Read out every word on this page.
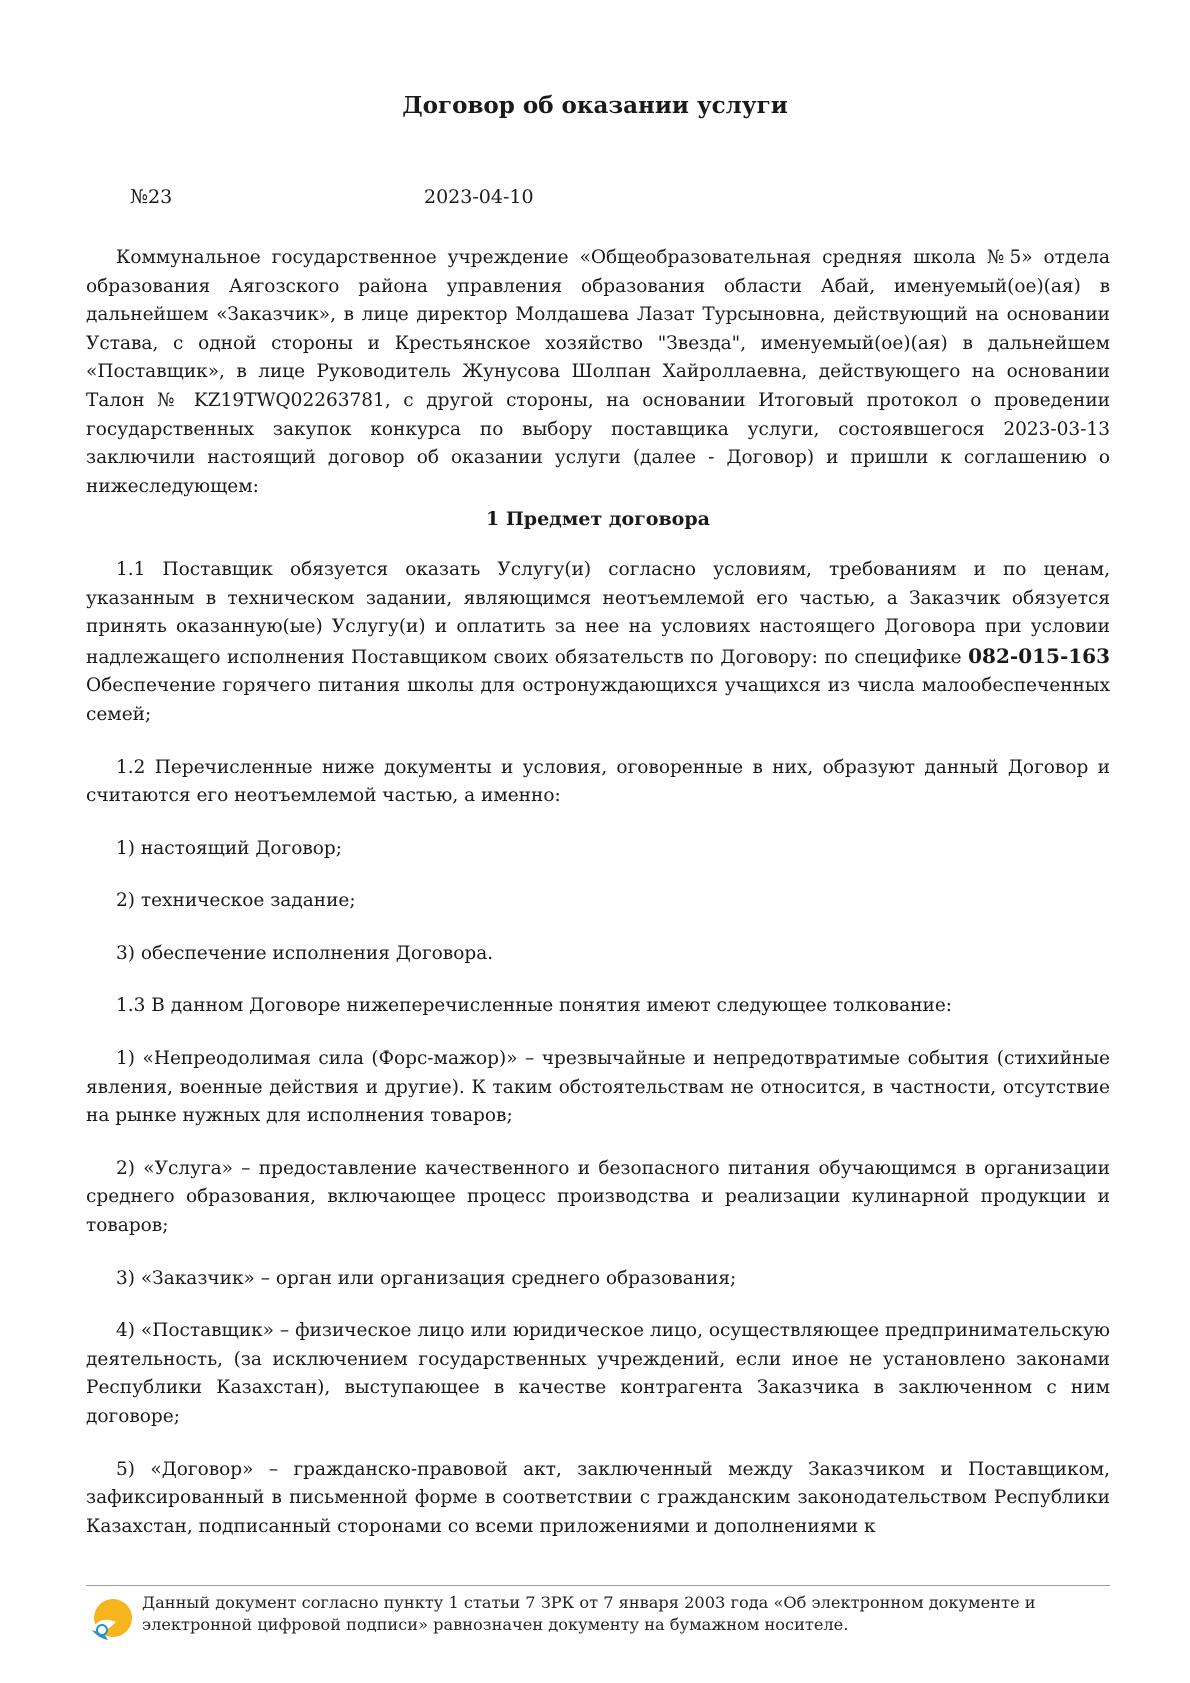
Договор об оказании услуги
№23	2023-04-10

Коммунальное государственное учреждение «Общеобразовательная средняя школа №5» отдела образования Аягозского района управления образования области Абай, именуемый(ое)(ая) в дальнейшем «Заказчик», в лице директор Молдашева Лазат Турсыновна, действующий на основании Устава, с одной стороны и Крестьянское хозяйство "Звезда", именуемый(ое)(ая) в дальнейшем «Поставщик», в лице Руководитель Жунусова Шолпан Хайроллаевна, действующего на основании Талон № KZ19TWQ02263781, с другой стороны, на основании Итоговый протокол о проведении государственных закупок конкурса по выбору поставщика услуги, состоявшегося 2023-03-13 заключили настоящий договор об оказании услуги (далее - Договор) и пришли к соглашению о нижеследующем:

1 Предмет договора

1.1 Поставщик обязуется оказать Услугу(и) согласно условиям, требованиям и по ценам, указанным в техническом задании, являющимся неотъемлемой его частью, а Заказчик обязуется принять оказанную(ые) Услугу(и) и оплатить за нее на условиях настоящего Договора при условии надлежащего исполнения Поставщиком своих обязательств по Договору: по специфике 082-015-163 Обеспечение горячего питания школы для остронуждающихся учащихся из числа малообеспеченных семей;

1.2 Перечисленные ниже документы и условия, оговоренные в них, образуют данный Договор и считаются его неотъемлемой частью, а именно:

1) настоящий Договор;

2) техническое задание;

3) обеспечение исполнения Договора.

1.3 В данном Договоре нижеперечисленные понятия имеют следующее толкование:

1) «Непреодолимая сила (Форс-мажор)» – чрезвычайные и непредотвратимые события (стихийные явления, военные действия и другие). К таким обстоятельствам не относится, в частности, отсутствие на рынке нужных для исполнения товаров;

2) «Услуга» – предоставление качественного и безопасного питания обучающимся в организации среднего образования, включающее процесс производства и реализации кулинарной продукции и товаров;

3) «Заказчик» – орган или организация среднего образования;

4) «Поставщик» – физическое лицо или юридическое лицо, осуществляющее предпринимательскую деятельность, (за исключением государственных учреждений, если иное не установлено законами Республики Казахстан), выступающее в качестве контрагента Заказчика в заключенном с ним договоре;

5) «Договор» – гражданско-правовой акт, заключенный между Заказчиком и Поставщиком, зафиксированный в письменной форме в соответствии с гражданским законодательством Республики Казахстан, подписанный сторонами со всеми приложениями и дополнениями к

Данный документ согласно пункту 1 статьи 7 ЗРК от 7 января 2003 года «Об электронном документе и электронной цифровой подписи» равнозначен документу на бумажном носителе.
